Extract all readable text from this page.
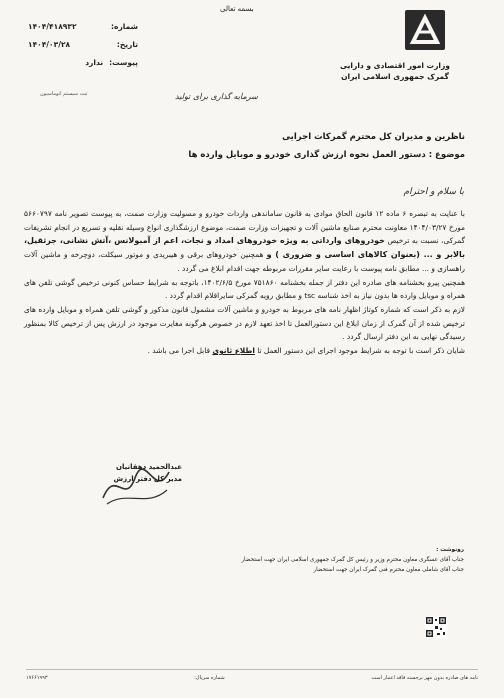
وزارت امور اقتصادی و دارایی
گمرک جمهوری اسلامی ایران
بسمه تعالی
شماره:
۱۴۰۴/۴۱۸۹۳۲
تاریخ:
۱۴۰۴/۰۳/۲۸
پیوست:
ندارد
ثبت سیستم اتوماسیون	سرمایه گذاری برای تولید
ناظرین و مدیران کل محترم گمرکات اجرایی
موضوع : دستور العمل نحوه ارزش گذاری خودرو و موبایل وارده ها
با سلام و احترام

با عنایت به تبصره ۶ ماده ۱۲ قانون الحاق موادی به قانون ساماندهی واردات خودرو و مسولیت وزارت صمت، به پیوست تصویر نامه ۵۶۶۰۷۹۷ مورخ ۱۴۰۴/۰۳/۲۷ معاونت محترم صنایع ماشین آلات و تجهیزات وزارت صمت، موضوع ارزشگذاری انواع وسیله نقلیه و تسریع در انجام تشریفات گمرکی، نسبت به ترخیص خودروهای وارداتی به ویژه خودروهای امداد و نجات، اعم از آمبولانس ،آتش نشانی، جرثقیل، بالابر و ... (بعنوان کالاهای اساسی و ضروری ) و همچنین خودروهای برقی و هیبریدی و موتور سیکلت، دوچرخه و ماشین آلات راهسازی و ... مطابق نامه پیوست با رعایت سایر مقررات مربوطه جهت اقدام ابلاغ می گردد .

همچنین پیرو بخشنامه های صادره این دفتر از جمله بخشنامه ۷۵۱۸۶۰ مورخ ۱۴۰۲/۶/۵، باتوجه به شرایط حساس کنونی ترخیص گوشی تلفن های همراه و موبایل وارده ها بدون نیاز به اخذ شناسه tsc و مطابق رویه گمرکی سایراقلام اقدام گردد .

لازم به ذکر است که شماره کوتاژ اظهار نامه های مربوط به خودرو و ماشین آلات مشمول قانون مذکور و گوشی تلفن همراه و موبایل وارده های ترخیص شده از آن گمرک از زمان ابلاغ این دستورالعمل تا اخذ تعهد لازم در خصوص هرگونه مغایرت موجود در ارزش پس از ترخیص کالا بمنظور رسیدگی نهایی به این دفتر ارسال گردد .

شایان ذکر است با توجه به شرایط موجود اجرای این دستور العمل تا اطلاع ثانوی قابل اجرا می باشد .

عبدالحمید دهقانیان
مدیر کل دفتر ارزش
رونوشت :
جناب آقای عسگری معاون محترم وزیر و رئیس کل گمرک جمهوری اسلامی ایران جهت استحضار
جناب آقای شاملی معاون محترم فنی گمرک ایران جهت استحضار
نامه های صادره بدون مهر برجسته فاقد اعتبار است
شماره سریال:
۱۷۶۶۱۹۹۳
